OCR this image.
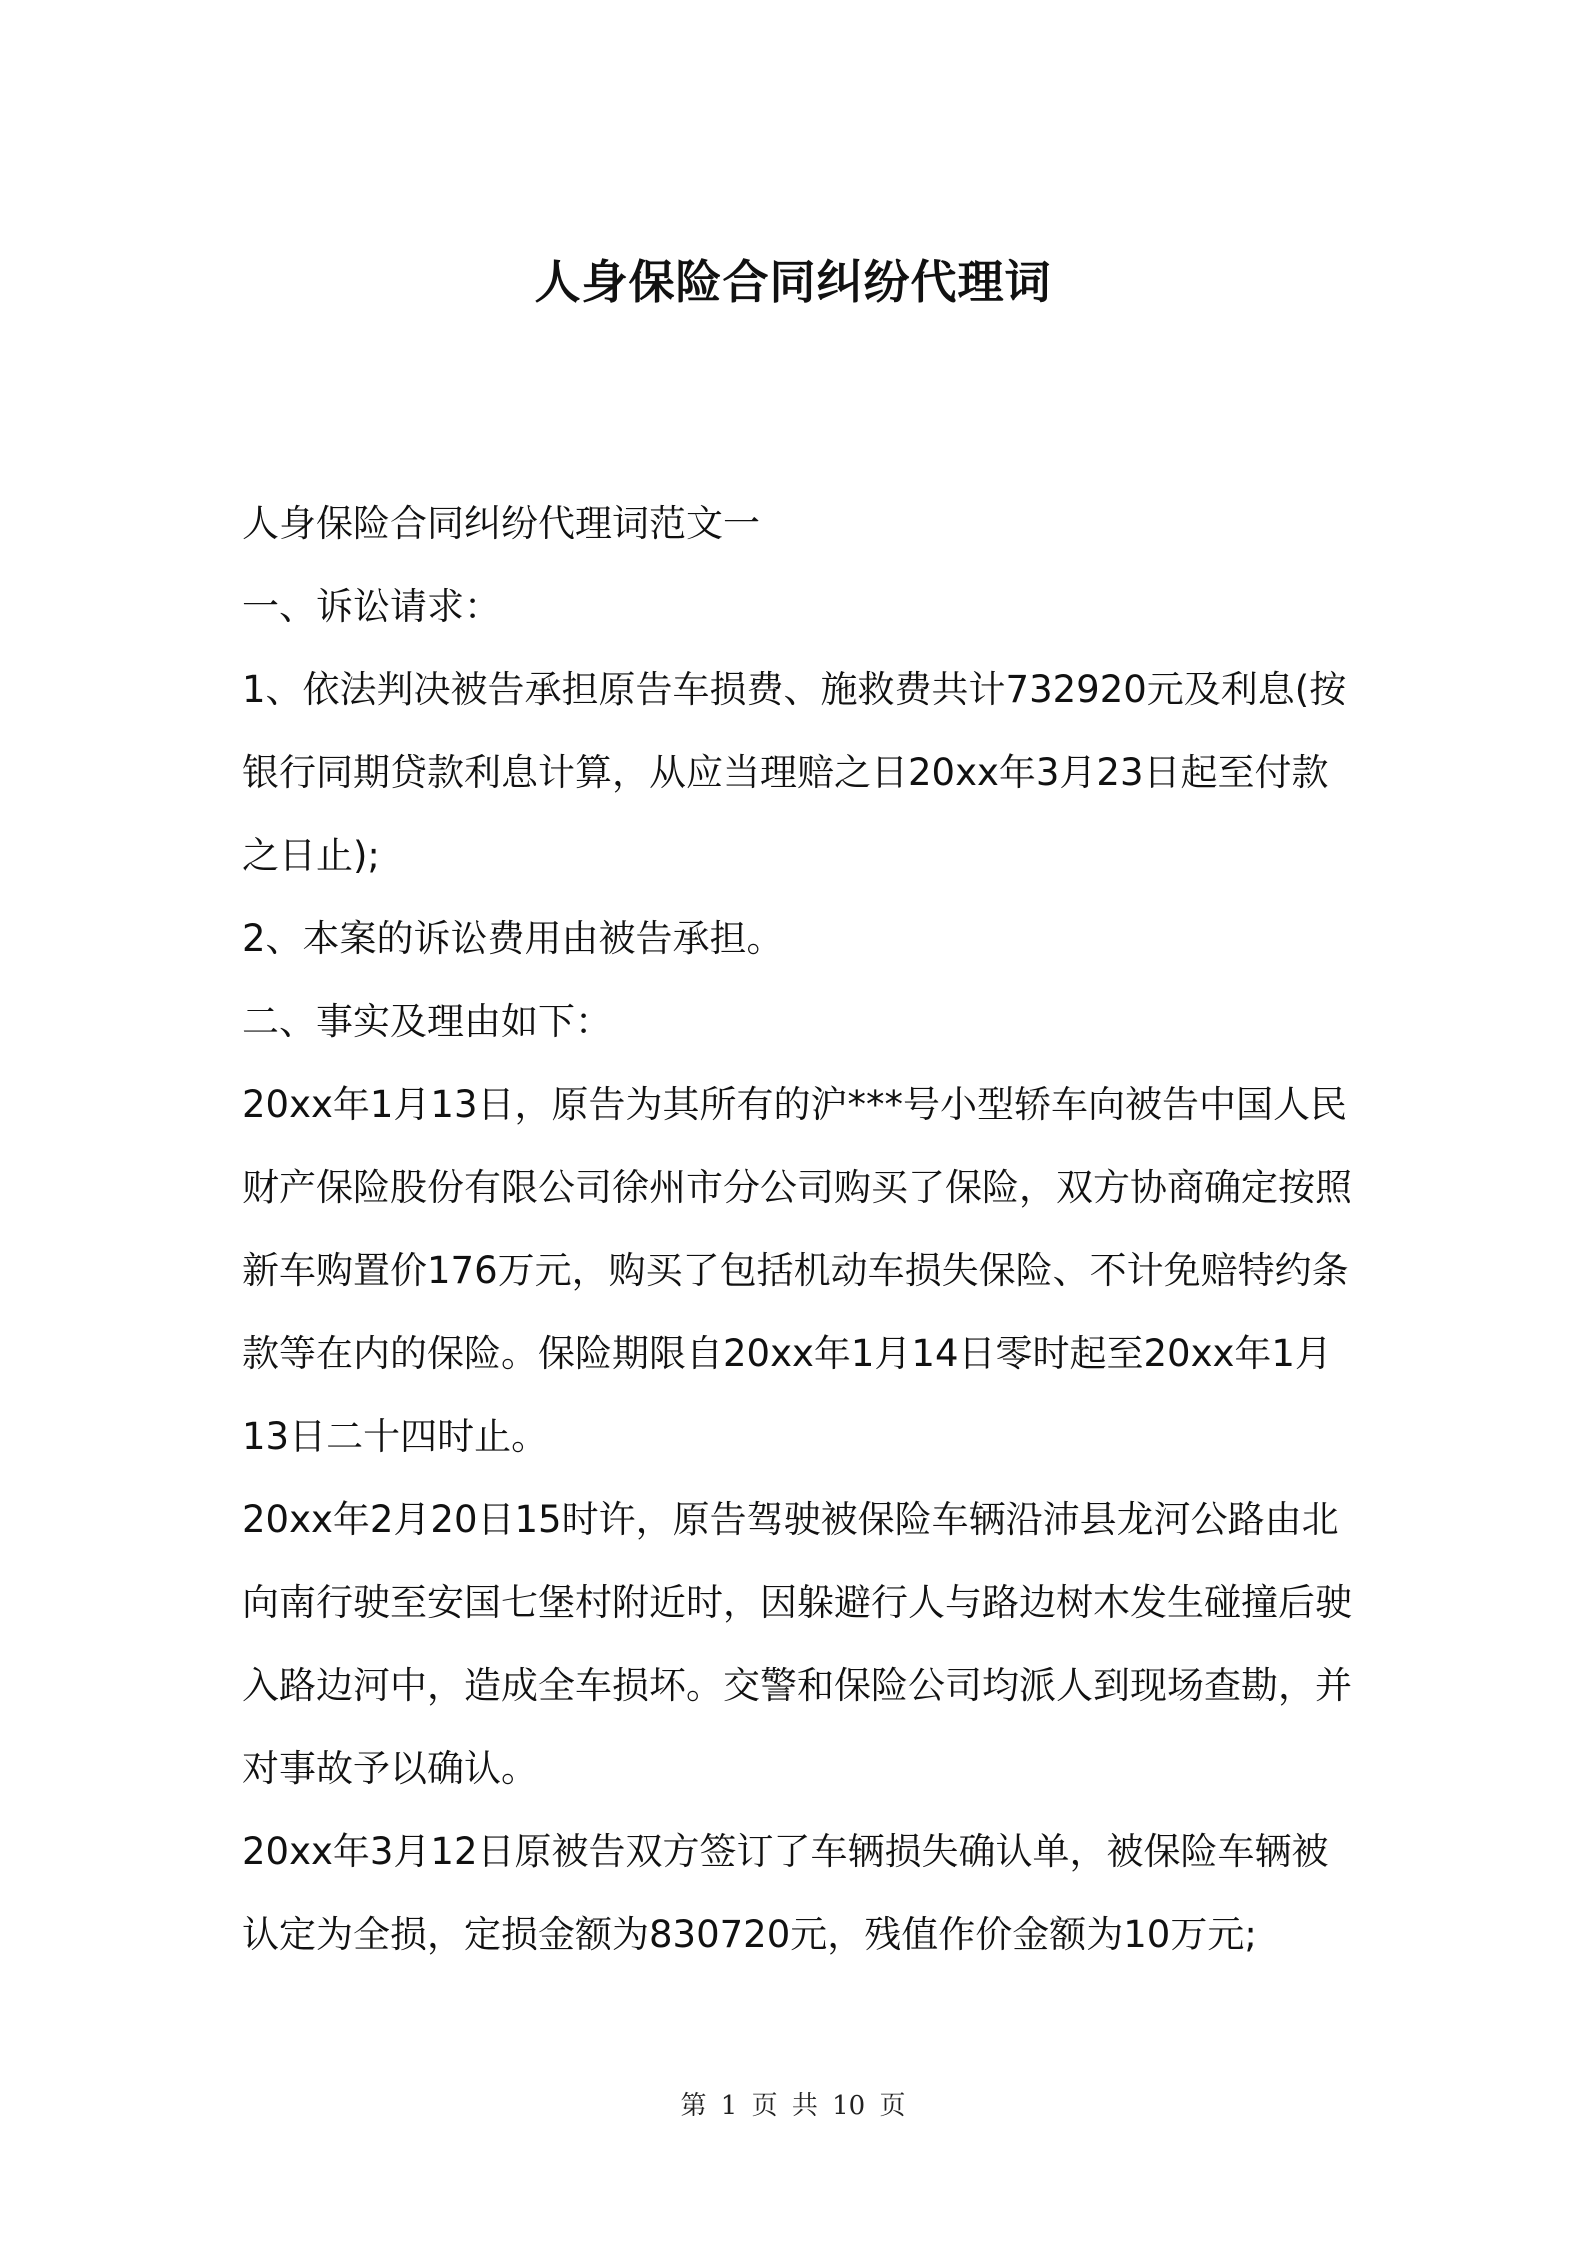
人身保险合同纠纷代理词

人身保险合同纠纷代理词范文一

一、诉讼请求：

1、依法判决被告承担原告车损费、施救费共计732920元及利息(按银行同期贷款利息计算，从应当理赔之日20xx年3月23日起至付款之日止);

2、本案的诉讼费用由被告承担。

二、事实及理由如下：

20xx年1月13日，原告为其所有的沪***号小型轿车向被告中国人民财产保险股份有限公司徐州市分公司购买了保险，双方协商确定按照新车购置价176万元，购买了包括机动车损失保险、不计免赔特约条款等在内的保险。保险期限自20xx年1月14日零时起至20xx年1月13日二十四时止。

20xx年2月20日15时许，原告驾驶被保险车辆沿沛县龙河公路由北向南行驶至安国七堡村附近时，因躲避行人与路边树木发生碰撞后驶入路边河中，造成全车损坏。交警和保险公司均派人到现场查勘，并对事故予以确认。

20xx年3月12日原被告双方签订了车辆损失确认单，被保险车辆被认定为全损，定损金额为830720元，残值作价金额为10万元;

第 1 页 共 10 页
